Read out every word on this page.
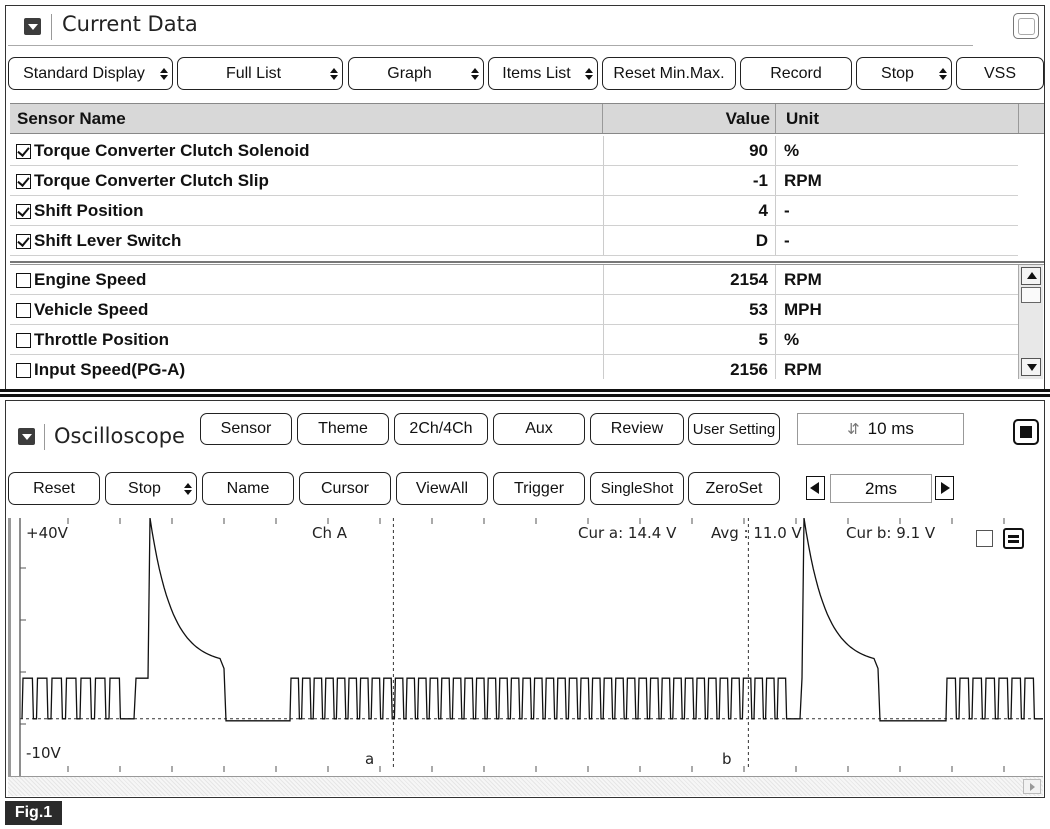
Current Data
Standard Display	Full List	Graph	Items List	Reset Min.Max.	Record	Stop	VSS
Sensor Name	Value Unit
Torque Converter Clutch Solenoid	90 %
Torque Converter Clutch Slip	-1 RPM
Shift Position	4 -
Shift Lever Switch	D -
Engine Speed	2154 RPM
Vehicle Speed	53 MPH
Throttle Position	5 %
Input Speed(PG-A)	2156 RPM
Oscilloscope	Sensor	Theme	2Ch/4Ch	Aux	Review	User Setting	⇵ 10 ms
Reset	Stop	Name	Cursor	ViewAll	Trigger	SingleShot	ZeroSet	2ms
+40V
-10V
Ch A	Cur a: 14.4 V Avg : 11.0 V	Cur b: 9.1 V
a	b
Fig.1
